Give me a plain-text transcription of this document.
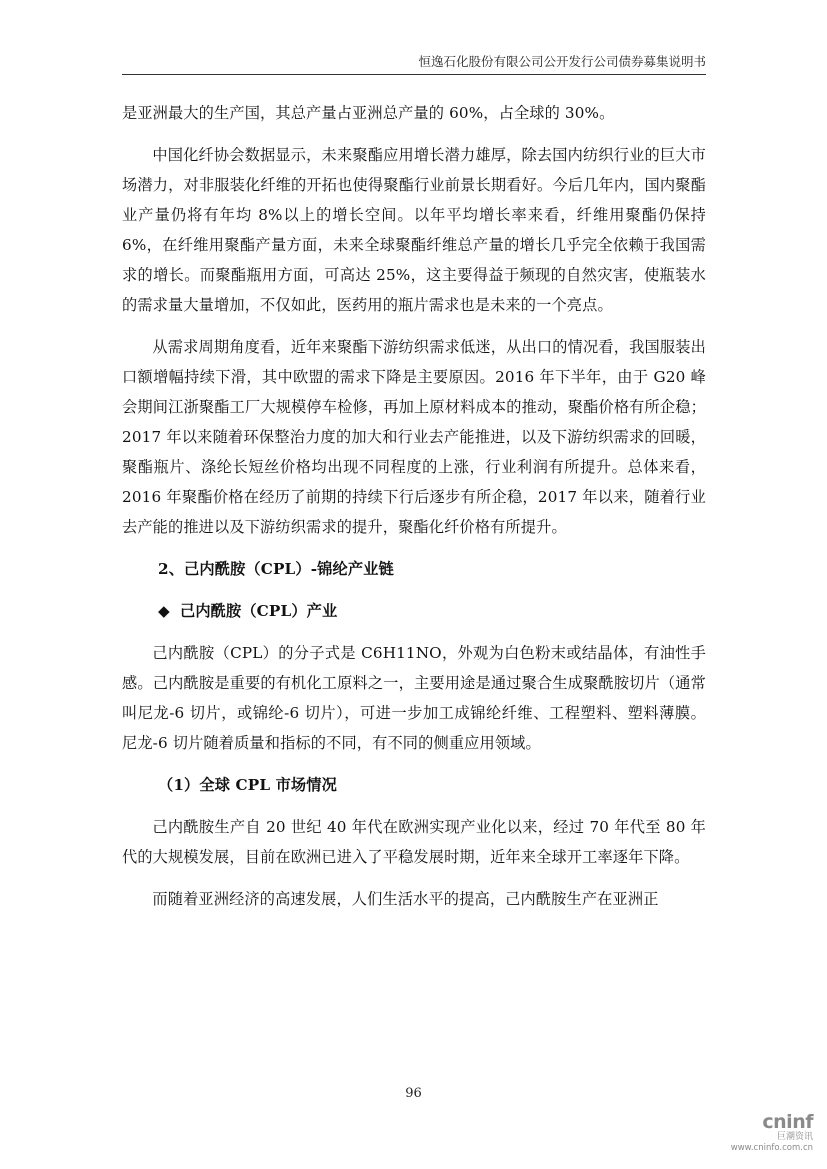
恒逸石化股份有限公司公开发行公司债券募集说明书

是亚洲最大的生产国，其总产量占亚洲总产量的 60%，占全球的 30%。

中国化纤协会数据显示，未来聚酯应用增长潜力雄厚，除去国内纺织行业的巨大市场潜力，对非服装化纤维的开拓也使得聚酯行业前景长期看好。今后几年内，国内聚酯业产量仍将有年均 8%以上的增长空间。以年平均增长率来看，纤维用聚酯仍保持 6%，在纤维用聚酯产量方面，未来全球聚酯纤维总产量的增长几乎完全依赖于我国需求的增长。而聚酯瓶用方面，可高达 25%，这主要得益于频现的自然灾害，使瓶装水的需求量大量增加，不仅如此，医药用的瓶片需求也是未来的一个亮点。

从需求周期角度看，近年来聚酯下游纺织需求低迷，从出口的情况看，我国服装出口额增幅持续下滑，其中欧盟的需求下降是主要原因。2016 年下半年，由于 G20 峰会期间江浙聚酯工厂大规模停车检修，再加上原材料成本的推动，聚酯价格有所企稳；2017 年以来随着环保整治力度的加大和行业去产能推进，以及下游纺织需求的回暖，聚酯瓶片、涤纶长短丝价格均出现不同程度的上涨，行业利润有所提升。总体来看，2016 年聚酯价格在经历了前期的持续下行后逐步有所企稳，2017 年以来，随着行业去产能的推进以及下游纺织需求的提升，聚酯化纤价格有所提升。

2、己内酰胺（CPL）-锦纶产业链
◆ 己内酰胺（CPL）产业

己内酰胺（CPL）的分子式是 C6H11NO，外观为白色粉末或结晶体，有油性手感。己内酰胺是重要的有机化工原料之一，主要用途是通过聚合生成聚酰胺切片（通常叫尼龙-6 切片，或锦纶-6 切片），可进一步加工成锦纶纤维、工程塑料、塑料薄膜。尼龙-6 切片随着质量和指标的不同，有不同的侧重应用领域。

（1）全球 CPL 市场情况

己内酰胺生产自 20 世纪 40 年代在欧洲实现产业化以来，经过 70 年代至 80 年代的大规模发展，目前在欧洲已进入了平稳发展时期，近年来全球开工率逐年下降。

而随着亚洲经济的高速发展，人们生活水平的提高，己内酰胺生产在亚洲正

96
cninf
巨潮资讯
www.cninfo.com.cn
